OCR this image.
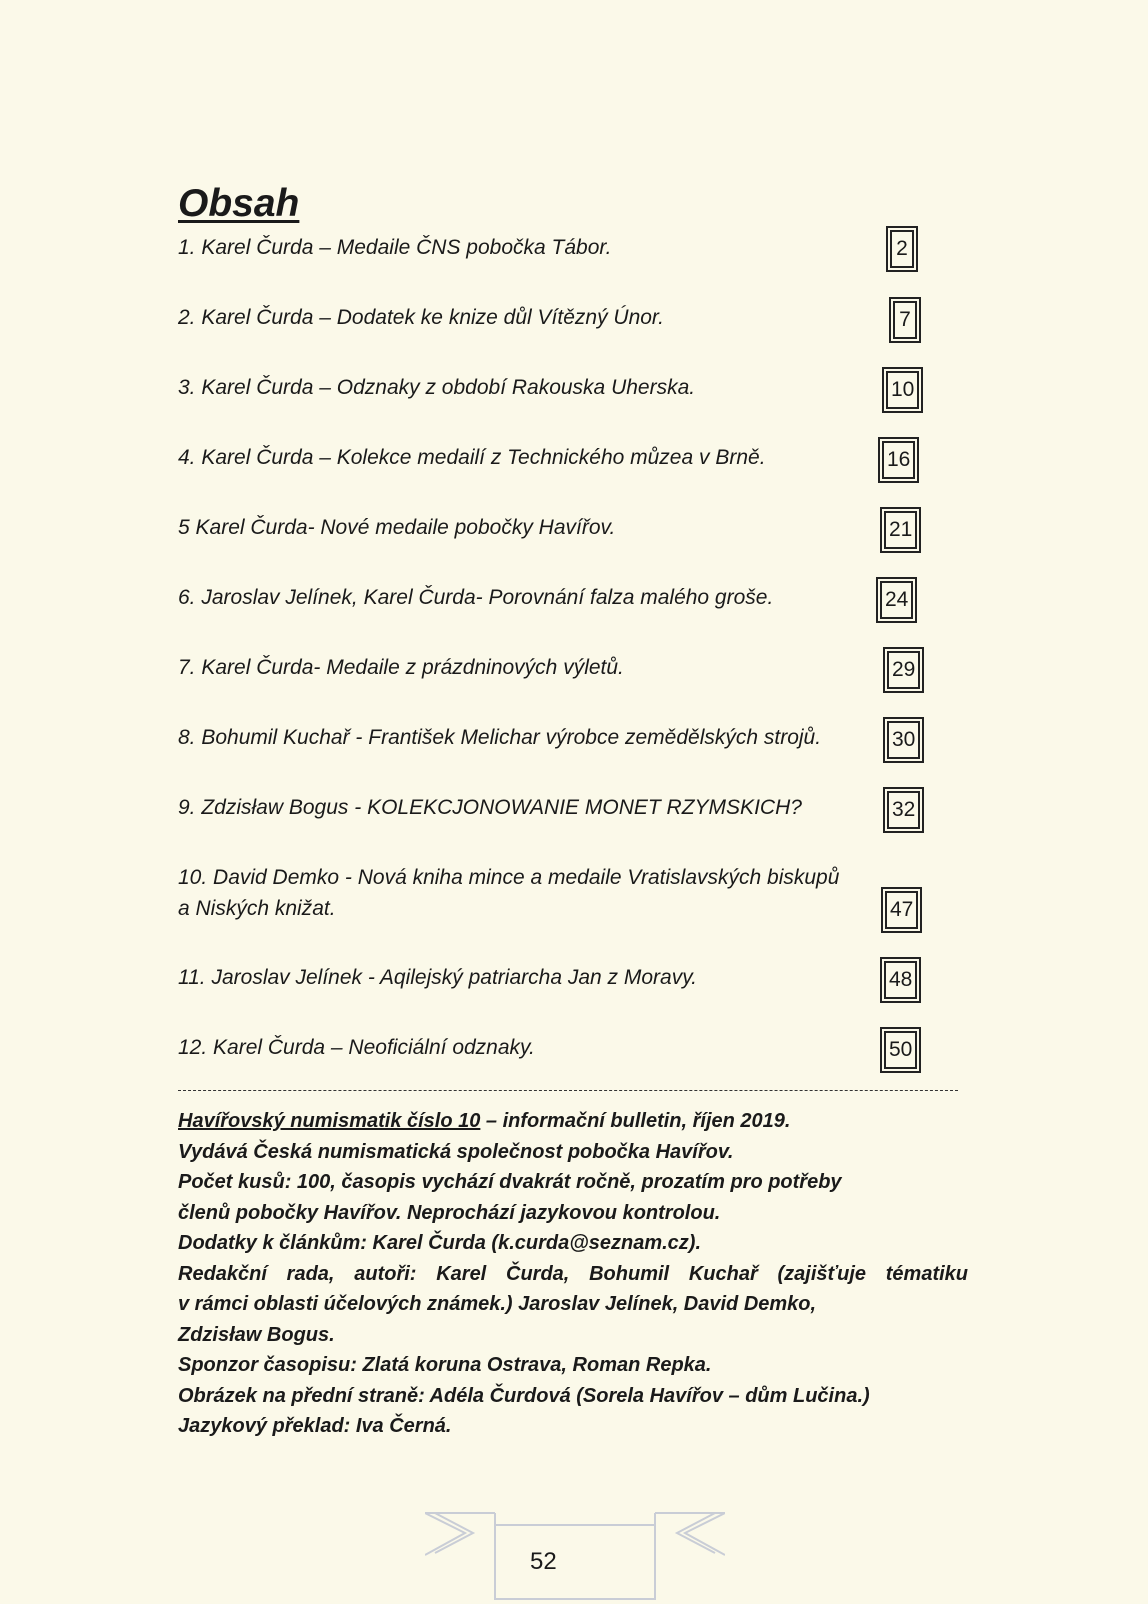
Obsah
1. Karel Čurda – Medaile ČNS pobočka Tábor.	2
2. Karel Čurda – Dodatek ke knize důl Vítězný Únor.	7
3. Karel Čurda – Odznaky z období Rakouska Uherska.	10
4. Karel Čurda – Kolekce medailí z Technického můzea v Brně.	16
5 Karel Čurda- Nové medaile pobočky Havířov.	21
6. Jaroslav Jelínek, Karel Čurda- Porovnání falza malého groše.	24
7. Karel Čurda- Medaile z prázdninových výletů.	29
8. Bohumil Kuchař - František Melichar výrobce zemědělských strojů.	30
9. Zdzisław Bogus - KOLEKCJONOWANIE MONET RZYMSKICH?	32
10. David Demko - Nová kniha mince a medaile Vratislavských biskupů
a Niských knižat.	47
11. Jaroslav Jelínek - Aqilejský patriarcha Jan z Moravy.	48
12. Karel Čurda – Neoficiální odznaky.	50

Havířovský numismatik číslo 10 – informační bulletin, říjen 2019.

Vydává Česká numismatická společnost pobočka Havířov.

Počet kusů: 100, časopis vychází dvakrát ročně, prozatím pro potřeby

členů pobočky Havířov. Neprochází jazykovou kontrolou.

Dodatky k článkům: Karel Čurda (k.curda@seznam.cz).

Redakční rada, autoři: Karel Čurda, Bohumil Kuchař (zajišťuje tématiku

v rámci oblasti účelových známek.) Jaroslav Jelínek, David Demko,

Zdzisław Bogus.

Sponzor časopisu: Zlatá koruna Ostrava, Roman Repka.

Obrázek na přední straně: Adéla Čurdová (Sorela Havířov – dům Lučina.)

Jazykový překlad: Iva Černá.

52
